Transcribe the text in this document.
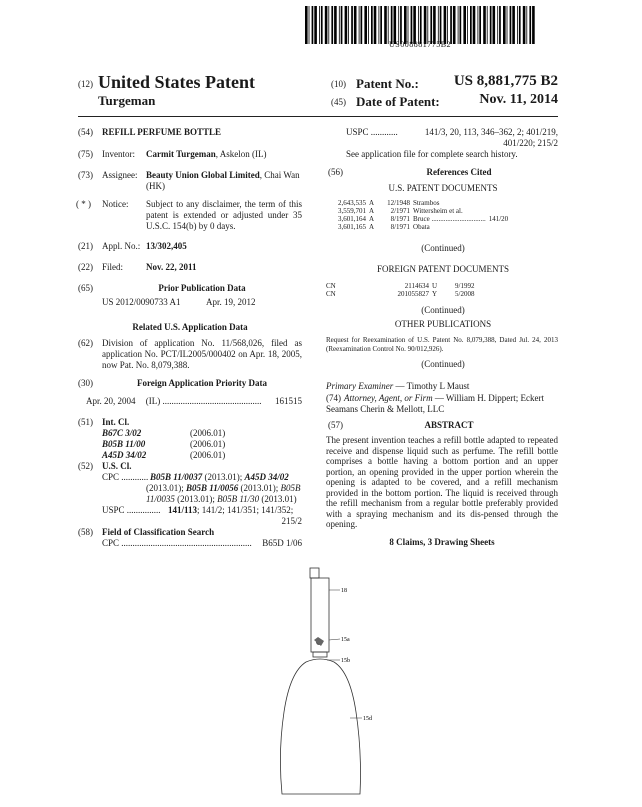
US008881775B2
(12) United States Patent
Turgeman
(10) Patent No.: US 8,881,775 B2
(45) Date of Patent:	Nov. 11, 2014
(54) REFILL PERFUME BOTTLE
(75) Inventor: Carmit Turgeman, Askelon (IL)
(73) Assignee: Beauty Union Global Limited, Chai Wan (HK)
( * ) Notice: Subject to any disclaimer, the term of this patent is extended or adjusted under 35 U.S.C. 154(b) by 0 days.
(21) Appl. No.: 13/302,405
(22) Filed:	Nov. 22, 2011
(65)	Prior Publication Data
US 2012/0090733 A1	Apr. 19, 2012
Related U.S. Application Data
(62) Division of application No. 11/568,026, filed as application No. PCT/IL2005/000402 on Apr. 18, 2005, now Pat. No. 8,079,388.
(30)	Foreign Application Priority Data
Apr. 20, 2004 (IL) ............................................	161515
(51) Int. Cl.
B67C 3/02	(2006.01)
B05B 11/00	(2006.01)
A45D 34/02	(2006.01)
(52) U.S. Cl.
CPC ............ B05B 11/0037 (2013.01); A45D 34/02
(2013.01); B05B 11/0056 (2013.01); B05B
11/0035 (2013.01); B05B 11/30 (2013.01)
USPC ............... 141/113; 141/2; 141/351; 141/352;
215/2
(58) Field of Classification Search
CPC ..........................................................	B65D 1/06
USPC ............	141/3, 20, 113, 346–362, 2; 401/219,
401/220; 215/2
See application file for complete search history.
(56)	References Cited
U.S. PATENT DOCUMENTS
2,643,535	A	12/1948	Strambos	
3,559,701	A	2/1971	Wittersheim et al.	
3,601,164	A	8/1971	Bruce ...............................	141/20
3,601,165	A	8/1971	Obata	
(Continued)
FOREIGN PATENT DOCUMENTS
CN	2114634	U	9/1992
CN	201055827	Y	5/2008
(Continued)
OTHER PUBLICATIONS
Request for Reexamination of U.S. Patent No. 8,079,388, Dated Jul. 24, 2013 (Reexamination Control No. 90/012,926).
(Continued)
Primary Examiner — Timothy L Maust
(74) Attorney, Agent, or Firm — William H. Dippert; Eckert Seamans Cherin & Mellott, LLC
(57)	ABSTRACT
The present invention teaches a refill bottle adapted to repeated receive and dispense liquid such as perfume. The refill bottle comprises a bottle having a bottom portion and an upper portion, an opening provided in the upper portion wherein the opening is adapted to be covered, and a refill mechanism provided in the bottom portion. The liquid is received through the refill mechanism from a regular bottle preferably provided with a spraying mechanism and its dis-pensed through the opening.
8 Claims, 3 Drawing Sheets
18
15a
15b
15d
